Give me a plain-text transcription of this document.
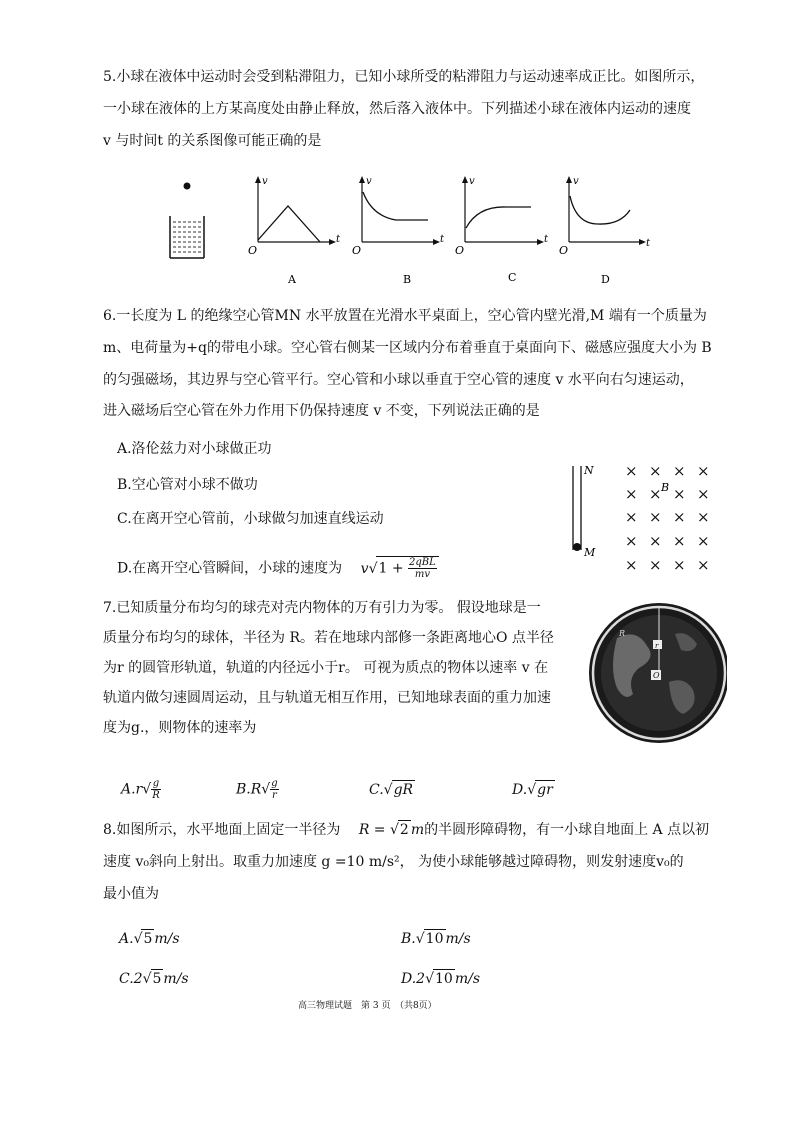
5.小球在液体中运动时会受到粘滞阻力，已知小球所受的粘滞阻力与运动速率成正比。如图所示，
一小球在液体的上方某高度处由静止释放，然后落入液体中。下列描述小球在液体内运动的速度
v 与时间t 的关系图像可能正确的是
v
t
O
v
t
O
v
t
O
v
t
O
A	B	C	D
6.一长度为 L 的绝缘空心管MN 水平放置在光滑水平桌面上，空心管内壁光滑,M 端有一个质量为
m、电荷量为+q的带电小球。空心管右侧某一区域内分布着垂直于桌面向下、磁感应强度大小为 B
的匀强磁场，其边界与空心管平行。空心管和小球以垂直于空心管的速度 v 水平向右匀速运动，
进入磁场后空心管在外力作用下仍保持速度 v 不变，下列说法正确的是
A.洛伦兹力对小球做正功
B.空心管对小球不做功
C.在离开空心管前，小球做匀加速直线运动
D.在离开空心管瞬间，小球的速度为 $v√1 + \frac{\text{2qBL}}{mv}$
N
M
B
× × × ×
× × × ×
× × × ×
× × × ×
× × × ×
7.已知质量分布均匀的球壳对壳内物体的万有引力为零。 假设地球是一
质量分布均匀的球体，半径为 R。若在地球内部修一条距离地心O 点半径
为r 的圆管形轨道，轨道的内径远小于r。 可视为质点的物体以速率 v 在
轨道内做匀速圆周运动，且与轨道无相互作用，已知地球表面的重力加速
度为g.，则物体的速率为
r
O
R
$A.r√ \frac{g}{R}$	$B.R√ \frac{g}{r}$	C.√gR	D.√gr
8.如图所示，水平地面上固定一半径为 R = √2 m的半圆形障碍物，有一小球自地面上 A 点以初
速度 v₀斜向上射出。取重力加速度 g =10 m/s²， 为使小球能够越过障碍物，则发射速度v₀的
最小值为
A.√5 m/s	B.√10 m/s
C.2√5 m/s	D.2√10 m/s
高三物理试题　第 3 页　（共8页）
